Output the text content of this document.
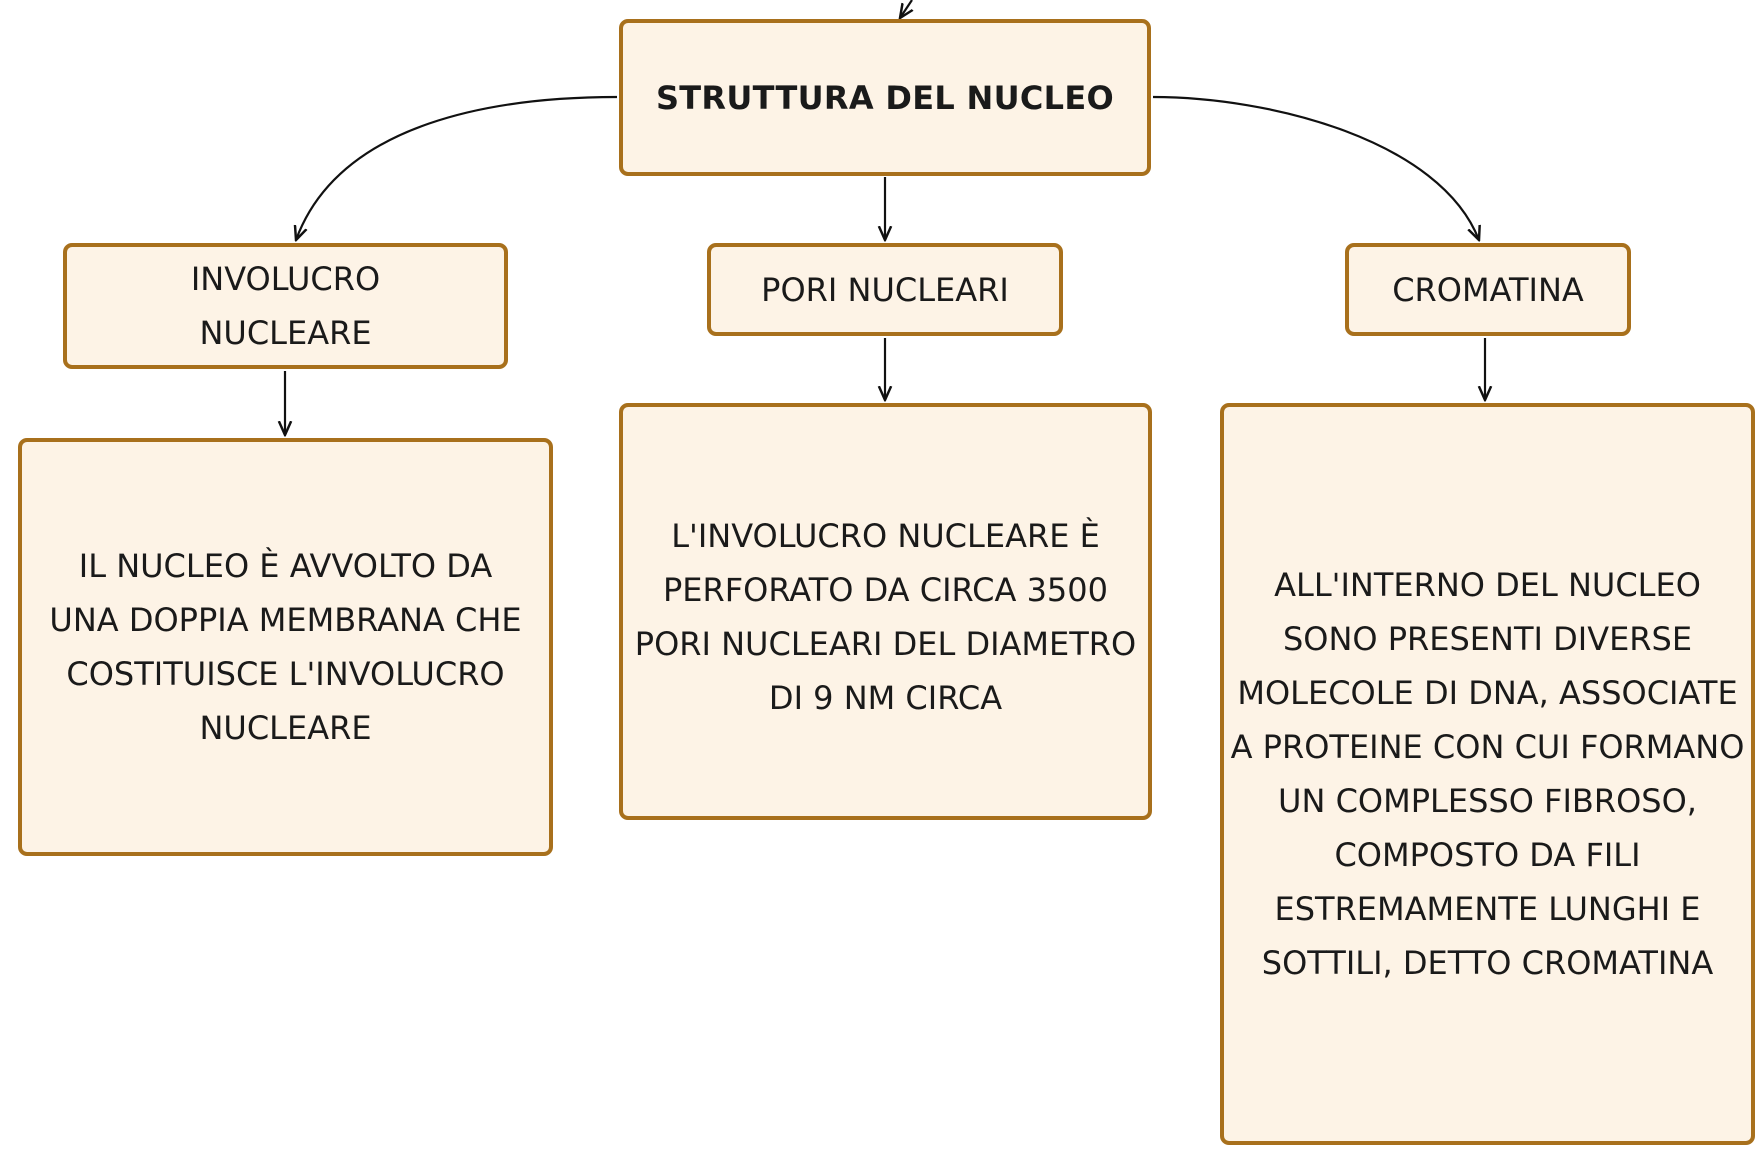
STRUTTURA DEL NUCLEO
INVOLUCRO NUCLEARE
PORI NUCLEARI	CROMATINA
IL NUCLEO È AVVOLTO DA UNA DOPPIA MEMBRANA CHE COSTITUISCE L'INVOLUCRO NUCLEARE
L'INVOLUCRO NUCLEARE È PERFORATO DA CIRCA 3500 PORI NUCLEARI DEL DIAMETRO DI 9 NM CIRCA
ALL'INTERNO DEL NUCLEO SONO PRESENTI DIVERSE MOLECOLE DI DNA, ASSOCIATE A PROTEINE CON CUI FORMANO UN COMPLESSO FIBROSO, COMPOSTO DA FILI ESTREMAMENTE LUNGHI E SOTTILI, DETTO CROMATINA
